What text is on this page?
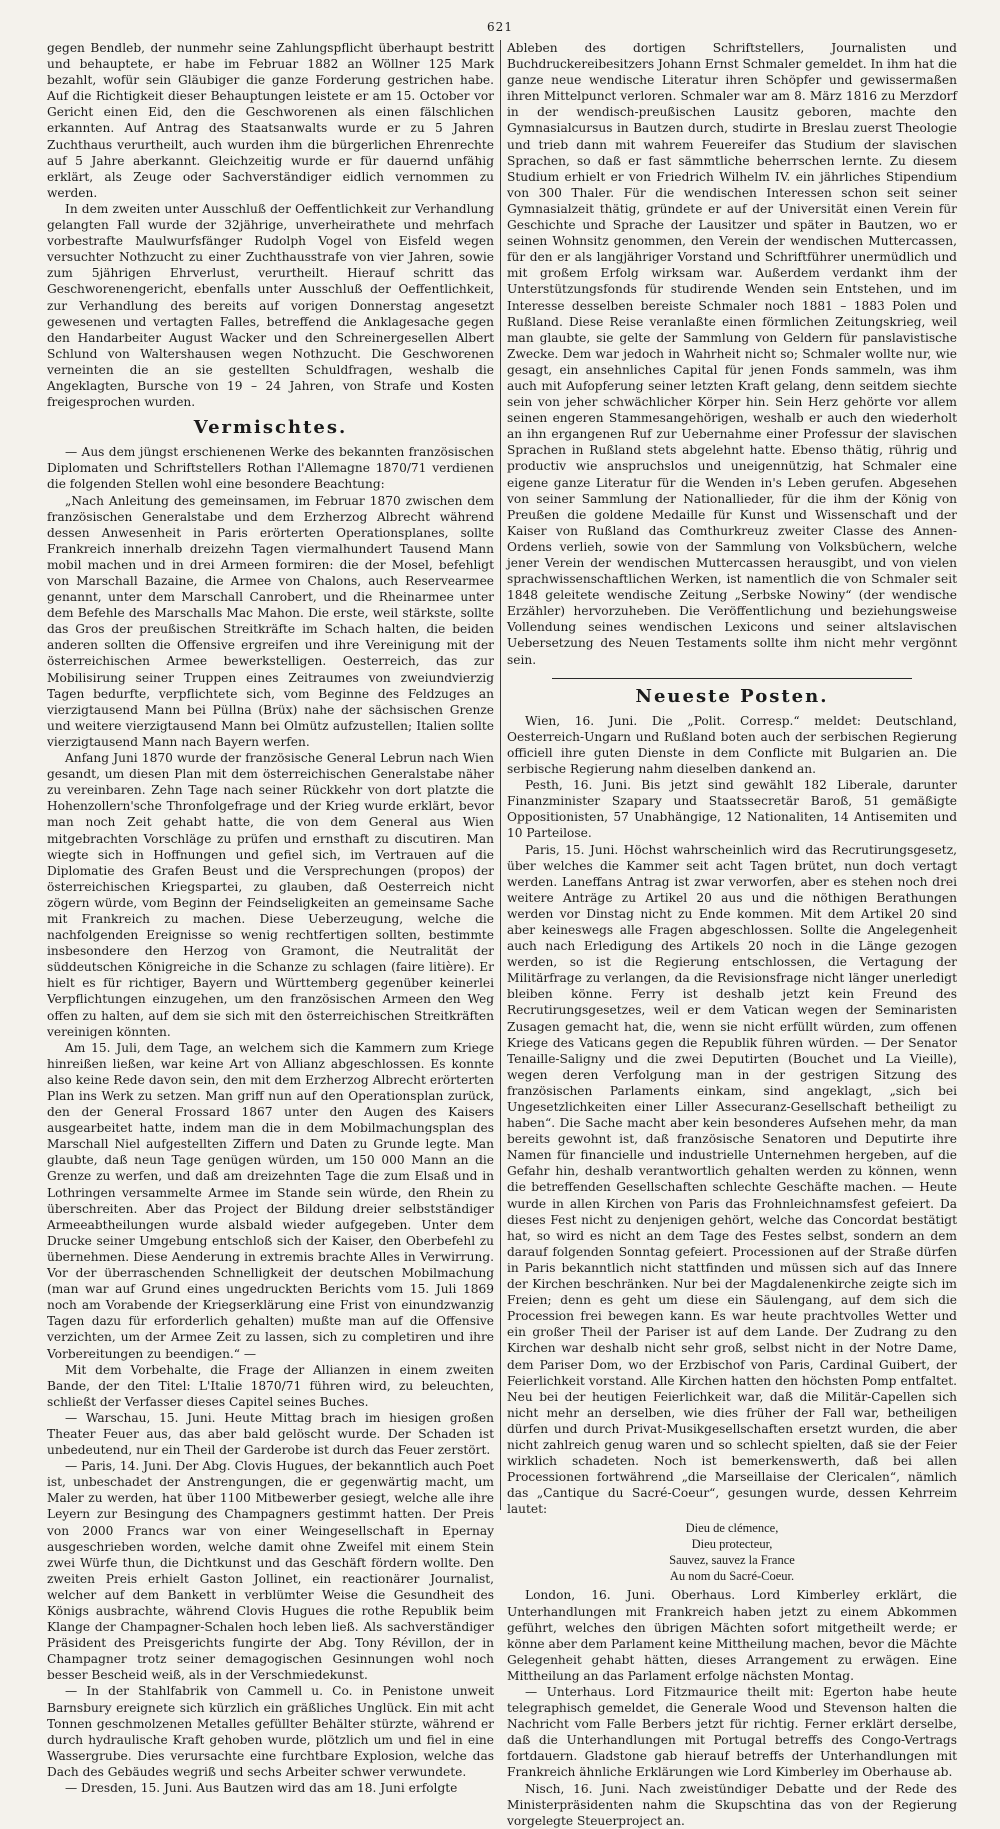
621

gegen Bendleb, der nunmehr seine Zahlungspflicht überhaupt bestritt und behauptete, er habe im Februar 1882 an Wöllner 125 Mark bezahlt, wofür sein Gläubiger die ganze Forderung gestrichen habe. Auf die Richtigkeit dieser Behauptungen leistete er am 15. October vor Gericht einen Eid, den die Geschworenen als einen fälschlichen erkannten. Auf Antrag des Staatsanwalts wurde er zu 5 Jahren Zuchthaus verurtheilt, auch wurden ihm die bürgerlichen Ehrenrechte auf 5 Jahre aberkannt. Gleichzeitig wurde er für dauernd unfähig erklärt, als Zeuge oder Sachverständiger eidlich vernommen zu werden.

In dem zweiten unter Ausschluß der Oeffentlichkeit zur Verhandlung gelangten Fall wurde der 32jährige, unverheirathete und mehrfach vorbestrafte Maulwurfsfänger Rudolph Vogel von Eisfeld wegen versuchter Nothzucht zu einer Zuchthausstrafe von vier Jahren, sowie zum 5jährigen Ehrverlust, verurtheilt. Hierauf schritt das Geschworenengericht, ebenfalls unter Ausschluß der Oeffentlichkeit, zur Verhandlung des bereits auf vorigen Donnerstag angesetzt gewesenen und vertagten Falles, betreffend die Anklagesache gegen den Handarbeiter August Wacker und den Schreinergesellen Albert Schlund von Waltershausen wegen Nothzucht. Die Geschworenen verneinten die an sie gestellten Schuldfragen, weshalb die Angeklagten, Bursche von 19 – 24 Jahren, von Strafe und Kosten freigesprochen wurden.

Vermischtes.

— Aus dem jüngst erschienenen Werke des bekannten französischen Diplomaten und Schriftstellers Rothan l'Allemagne 1870/71 verdienen die folgenden Stellen wohl eine besondere Beachtung:

„Nach Anleitung des gemeinsamen, im Februar 1870 zwischen dem französischen Generalstabe und dem Erzherzog Albrecht während dessen Anwesenheit in Paris erörterten Operationsplanes, sollte Frankreich innerhalb dreizehn Tagen viermalhundert Tausend Mann mobil machen und in drei Armeen formiren: die der Mosel, befehligt von Marschall Bazaine, die Armee von Chalons, auch Reservearmee genannt, unter dem Marschall Canrobert, und die Rheinarmee unter dem Befehle des Marschalls Mac Mahon. Die erste, weil stärkste, sollte das Gros der preußischen Streitkräfte im Schach halten, die beiden anderen sollten die Offensive ergreifen und ihre Vereinigung mit der österreichischen Armee bewerkstelligen. Oesterreich, das zur Mobilisirung seiner Truppen eines Zeitraumes von zweiundvierzig Tagen bedurfte, verpflichtete sich, vom Beginne des Feldzuges an vierzigtausend Mann bei Püllna (Brüx) nahe der sächsischen Grenze und weitere vierzigtausend Mann bei Olmütz aufzustellen; Italien sollte vierzigtausend Mann nach Bayern werfen.

Anfang Juni 1870 wurde der französische General Lebrun nach Wien gesandt, um diesen Plan mit dem österreichischen Generalstabe näher zu vereinbaren. Zehn Tage nach seiner Rückkehr von dort platzte die Hohenzollern'sche Thronfolgefrage und der Krieg wurde erklärt, bevor man noch Zeit gehabt hatte, die von dem General aus Wien mitgebrachten Vorschläge zu prüfen und ernsthaft zu discutiren. Man wiegte sich in Hoffnungen und gefiel sich, im Vertrauen auf die Diplomatie des Grafen Beust und die Versprechungen (propos) der österreichischen Kriegspartei, zu glauben, daß Oesterreich nicht zögern würde, vom Beginn der Feindseligkeiten an gemeinsame Sache mit Frankreich zu machen. Diese Ueberzeugung, welche die nachfolgenden Ereignisse so wenig rechtfertigen sollten, bestimmte insbesondere den Herzog von Gramont, die Neutralität der süddeutschen Königreiche in die Schanze zu schlagen (faire litière). Er hielt es für richtiger, Bayern und Württemberg gegenüber keinerlei Verpflichtungen einzugehen, um den französischen Armeen den Weg offen zu halten, auf dem sie sich mit den österreichischen Streitkräften vereinigen könnten.

Am 15. Juli, dem Tage, an welchem sich die Kammern zum Kriege hinreißen ließen, war keine Art von Allianz abgeschlossen. Es konnte also keine Rede davon sein, den mit dem Erzherzog Albrecht erörterten Plan ins Werk zu setzen. Man griff nun auf den Operationsplan zurück, den der General Frossard 1867 unter den Augen des Kaisers ausgearbeitet hatte, indem man die in dem Mobilmachungsplan des Marschall Niel aufgestellten Ziffern und Daten zu Grunde legte. Man glaubte, daß neun Tage genügen würden, um 150 000 Mann an die Grenze zu werfen, und daß am dreizehnten Tage die zum Elsaß und in Lothringen versammelte Armee im Stande sein würde, den Rhein zu überschreiten. Aber das Project der Bildung dreier selbstständiger Armeeabtheilungen wurde alsbald wieder aufgegeben. Unter dem Drucke seiner Umgebung entschloß sich der Kaiser, den Oberbefehl zu übernehmen. Diese Aenderung in extremis brachte Alles in Verwirrung. Vor der überraschenden Schnelligkeit der deutschen Mobilmachung (man war auf Grund eines ungedruckten Berichts vom 15. Juli 1869 noch am Vorabende der Kriegserklärung eine Frist von einundzwanzig Tagen dazu für erforderlich gehalten) mußte man auf die Offensive verzichten, um der Armee Zeit zu lassen, sich zu completiren und ihre Vorbereitungen zu beendigen.“ —

Mit dem Vorbehalte, die Frage der Allianzen in einem zweiten Bande, der den Titel: L'Italie 1870/71 führen wird, zu beleuchten, schließt der Verfasser dieses Capitel seines Buches.

— Warschau, 15. Juni. Heute Mittag brach im hiesigen großen Theater Feuer aus, das aber bald gelöscht wurde. Der Schaden ist unbedeutend, nur ein Theil der Garderobe ist durch das Feuer zerstört.

— Paris, 14. Juni. Der Abg. Clovis Hugues, der bekanntlich auch Poet ist, unbeschadet der Anstrengungen, die er gegenwärtig macht, um Maler zu werden, hat über 1100 Mitbewerber gesiegt, welche alle ihre Leyern zur Besingung des Champagners gestimmt hatten. Der Preis von 2000 Francs war von einer Weingesellschaft in Epernay ausgeschrieben worden, welche damit ohne Zweifel mit einem Stein zwei Würfe thun, die Dichtkunst und das Geschäft fördern wollte. Den zweiten Preis erhielt Gaston Jollinet, ein reactionärer Journalist, welcher auf dem Bankett in verblümter Weise die Gesundheit des Königs ausbrachte, während Clovis Hugues die rothe Republik beim Klange der Champagner-Schalen hoch leben ließ. Als sachverständiger Präsident des Preisgerichts fungirte der Abg. Tony Révillon, der in Champagner trotz seiner demagogischen Gesinnungen wohl noch besser Bescheid weiß, als in der Verschmiedekunst.

— In der Stahlfabrik von Cammell u. Co. in Penistone unweit Barnsbury ereignete sich kürzlich ein gräßliches Unglück. Ein mit acht Tonnen geschmolzenen Metalles gefüllter Behälter stürzte, während er durch hydraulische Kraft gehoben wurde, plötzlich um und fiel in eine Wassergrube. Dies verursachte eine furchtbare Explosion, welche das Dach des Gebäudes wegriß und sechs Arbeiter schwer verwundete.

— Dresden, 15. Juni. Aus Bautzen wird das am 18. Juni erfolgte

Ableben des dortigen Schriftstellers, Journalisten und Buchdruckereibesitzers Johann Ernst Schmaler gemeldet. In ihm hat die ganze neue wendische Literatur ihren Schöpfer und gewissermaßen ihren Mittelpunct verloren. Schmaler war am 8. März 1816 zu Merzdorf in der wendisch-preußischen Lausitz geboren, machte den Gymnasialcursus in Bautzen durch, studirte in Breslau zuerst Theologie und trieb dann mit wahrem Feuereifer das Studium der slavischen Sprachen, so daß er fast sämmtliche beherrschen lernte. Zu diesem Studium erhielt er von Friedrich Wilhelm IV. ein jährliches Stipendium von 300 Thaler. Für die wendischen Interessen schon seit seiner Gymnasialzeit thätig, gründete er auf der Universität einen Verein für Geschichte und Sprache der Lausitzer und später in Bautzen, wo er seinen Wohnsitz genommen, den Verein der wendischen Muttercassen, für den er als langjähriger Vorstand und Schriftführer unermüdlich und mit großem Erfolg wirksam war. Außerdem verdankt ihm der Unterstützungsfonds für studirende Wenden sein Entstehen, und im Interesse desselben bereiste Schmaler noch 1881 – 1883 Polen und Rußland. Diese Reise veranlaßte einen förmlichen Zeitungskrieg, weil man glaubte, sie gelte der Sammlung von Geldern für panslavistische Zwecke. Dem war jedoch in Wahrheit nicht so; Schmaler wollte nur, wie gesagt, ein ansehnliches Capital für jenen Fonds sammeln, was ihm auch mit Aufopferung seiner letzten Kraft gelang, denn seitdem siechte sein von jeher schwächlicher Körper hin. Sein Herz gehörte vor allem seinen engeren Stammesangehörigen, weshalb er auch den wiederholt an ihn ergangenen Ruf zur Uebernahme einer Professur der slavischen Sprachen in Rußland stets abgelehnt hatte. Ebenso thätig, rührig und productiv wie anspruchslos und uneigennützig, hat Schmaler eine eigene ganze Literatur für die Wenden in's Leben gerufen. Abgesehen von seiner Sammlung der Nationallieder, für die ihm der König von Preußen die goldene Medaille für Kunst und Wissenschaft und der Kaiser von Rußland das Comthurkreuz zweiter Classe des Annen-Ordens verlieh, sowie von der Sammlung von Volksbüchern, welche jener Verein der wendischen Muttercassen herausgibt, und von vielen sprachwissenschaftlichen Werken, ist namentlich die von Schmaler seit 1848 geleitete wendische Zeitung „Serbske Nowiny“ (der wendische Erzähler) hervorzuheben. Die Veröffentlichung und beziehungsweise Vollendung seines wendischen Lexicons und seiner altslavischen Uebersetzung des Neuen Testaments sollte ihm nicht mehr vergönnt sein.

Neueste Posten.

Wien, 16. Juni. Die „Polit. Corresp.“ meldet: Deutschland, Oesterreich-Ungarn und Rußland boten auch der serbischen Regierung officiell ihre guten Dienste in dem Conflicte mit Bulgarien an. Die serbische Regierung nahm dieselben dankend an.

Pesth, 16. Juni. Bis jetzt sind gewählt 182 Liberale, darunter Finanzminister Szapary und Staatssecretär Baroß, 51 gemäßigte Oppositionisten, 57 Unabhängige, 12 Nationaliten, 14 Antisemiten und 10 Parteilose.

Paris, 15. Juni. Höchst wahrscheinlich wird das Recrutirungsgesetz, über welches die Kammer seit acht Tagen brütet, nun doch vertagt werden. Laneffans Antrag ist zwar verworfen, aber es stehen noch drei weitere Anträge zu Artikel 20 aus und die nöthigen Berathungen werden vor Dinstag nicht zu Ende kommen. Mit dem Artikel 20 sind aber keineswegs alle Fragen abgeschlossen. Sollte die Angelegenheit auch nach Erledigung des Artikels 20 noch in die Länge gezogen werden, so ist die Regierung entschlossen, die Vertagung der Militärfrage zu verlangen, da die Revisionsfrage nicht länger unerledigt bleiben könne. Ferry ist deshalb jetzt kein Freund des Recrutirungsgesetzes, weil er dem Vatican wegen der Seminaristen Zusagen gemacht hat, die, wenn sie nicht erfüllt würden, zum offenen Kriege des Vaticans gegen die Republik führen würden. — Der Senator Tenaille-Saligny und die zwei Deputirten (Bouchet und La Vieille), wegen deren Verfolgung man in der gestrigen Sitzung des französischen Parlaments einkam, sind angeklagt, „sich bei Ungesetzlichkeiten einer Liller Assecuranz-Gesellschaft betheiligt zu haben“. Die Sache macht aber kein besonderes Aufsehen mehr, da man bereits gewohnt ist, daß französische Senatoren und Deputirte ihre Namen für financielle und industrielle Unternehmen hergeben, auf die Gefahr hin, deshalb verantwortlich gehalten werden zu können, wenn die betreffenden Gesellschaften schlechte Geschäfte machen. — Heute wurde in allen Kirchen von Paris das Frohnleichnamsfest gefeiert. Da dieses Fest nicht zu denjenigen gehört, welche das Concordat bestätigt hat, so wird es nicht an dem Tage des Festes selbst, sondern an dem darauf folgenden Sonntag gefeiert. Processionen auf der Straße dürfen in Paris bekanntlich nicht stattfinden und müssen sich auf das Innere der Kirchen beschränken. Nur bei der Magdalenenkirche zeigte sich im Freien; denn es geht um diese ein Säulengang, auf dem sich die Procession frei bewegen kann. Es war heute prachtvolles Wetter und ein großer Theil der Pariser ist auf dem Lande. Der Zudrang zu den Kirchen war deshalb nicht sehr groß, selbst nicht in der Notre Dame, dem Pariser Dom, wo der Erzbischof von Paris, Cardinal Guibert, der Feierlichkeit vorstand. Alle Kirchen hatten den höchsten Pomp entfaltet. Neu bei der heutigen Feierlichkeit war, daß die Militär-Capellen sich nicht mehr an derselben, wie dies früher der Fall war, betheiligen dürfen und durch Privat-Musikgesellschaften ersetzt wurden, die aber nicht zahlreich genug waren und so schlecht spielten, daß sie der Feier wirklich schadeten. Noch ist bemerkenswerth, daß bei allen Processionen fortwährend „die Marseillaise der Clericalen“, nämlich das „Cantique du Sacré-Coeur“, gesungen wurde, dessen Kehrreim lautet:

Dieu de clémence,
Dieu protecteur,
Sauvez, sauvez la France
Au nom du Sacré-Coeur.

London, 16. Juni. Oberhaus. Lord Kimberley erklärt, die Unterhandlungen mit Frankreich haben jetzt zu einem Abkommen geführt, welches den übrigen Mächten sofort mitgetheilt werde; er könne aber dem Parlament keine Mittheilung machen, bevor die Mächte Gelegenheit gehabt hätten, dieses Arrangement zu erwägen. Eine Mittheilung an das Parlament erfolge nächsten Montag.

— Unterhaus. Lord Fitzmaurice theilt mit: Egerton habe heute telegraphisch gemeldet, die Generale Wood und Stevenson halten die Nachricht vom Falle Berbers jetzt für richtig. Ferner erklärt derselbe, daß die Unterhandlungen mit Portugal betreffs des Congo-Vertrags fortdauern. Gladstone gab hierauf betreffs der Unterhandlungen mit Frankreich ähnliche Erklärungen wie Lord Kimberley im Oberhause ab.

Nisch, 16. Juni. Nach zweistündiger Debatte und der Rede des Ministerpräsidenten nahm die Skupschtina das von der Regierung vorgelegte Steuerproject an.
